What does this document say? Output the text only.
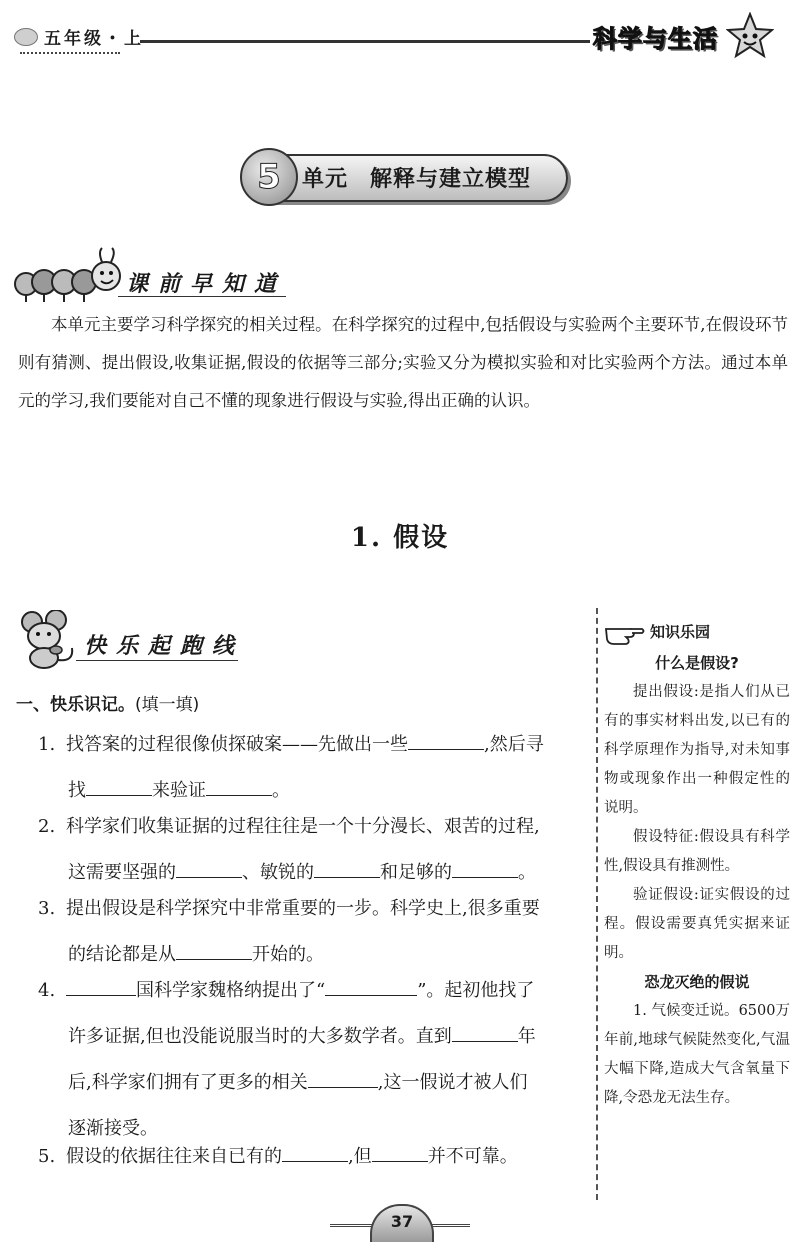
五年级・上	科学与生活
5 单元 解释与建立模型
课前早知道
本单元主要学习科学探究的相关过程。在科学探究的过程中,包括假设与实验两个主要环节,在假设环节则有猜测、提出假设,收集证据,假设的依据等三部分;实验又分为模拟实验和对比实验两个方法。通过本单元的学习,我们要能对自己不懂的现象进行假设与实验,得出正确的认识。
1. 假设
快乐起跑线
一、快乐识记。(填一填)
1. 找答案的过程很像侦探破案——先做出一些	,然后寻
找	来验证	。
2. 科学家们收集证据的过程往往是一个十分漫长、艰苦的过程,
这需要坚强的	、敏锐的	和足够的	。
3. 提出假设是科学探究中非常重要的一步。科学史上,很多重要
的结论都是从	开始的。
4.	国科学家魏格纳提出了“	”。起初他找了
许多证据,但也没能说服当时的大多数学者。直到	年
后,科学家们拥有了更多的相关	,这一假说才被人们
逐渐接受。
5. 假设的依据往往来自已有的	,但	并不可靠。
知识乐园

什么是假设?

提出假设:是指人们从已有的事实材料出发,以已有的科学原理作为指导,对未知事物或现象作出一种假定性的说明。

假设特征:假设具有科学性,假设具有推测性。

验证假设:证实假设的过程。假设需要真凭实据来证明。

恐龙灭绝的假说

1. 气候变迁说。6500万年前,地球气候陡然变化,气温大幅下降,造成大气含氧量下降,令恐龙无法生存。

37
